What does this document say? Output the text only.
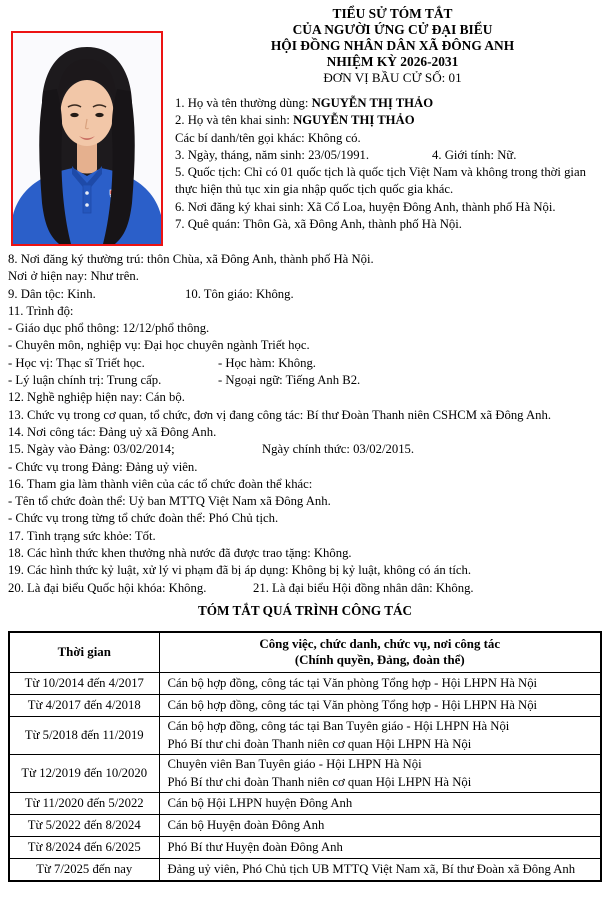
TIỂU SỬ TÓM TẮT
CỦA NGƯỜI ỨNG CỬ ĐẠI BIỂU
HỘI ĐỒNG NHÂN DÂN XÃ ĐÔNG ANH
NHIỆM KỲ 2026-2031
ĐƠN VỊ BẦU CỬ SỐ: 01
1. Họ và tên thường dùng: NGUYỄN THỊ THẢO
2. Họ và tên khai sinh: NGUYỄN THỊ THẢO
Các bí danh/tên gọi khác: Không có.
3. Ngày, tháng, năm sinh: 23/05/1991.	4. Giới tính: Nữ.
5. Quốc tịch: Chỉ có 01 quốc tịch là quốc tịch Việt Nam và không trong thời gian thực hiện thủ tục xin gia nhập quốc tịch quốc gia khác.
6. Nơi đăng ký khai sinh: Xã Cổ Loa, huyện Đông Anh, thành phố Hà Nội.
7. Quê quán: Thôn Gà, xã Đông Anh, thành phố Hà Nội.
8. Nơi đăng ký thường trú: thôn Chùa, xã Đông Anh, thành phố Hà Nội.
Nơi ở hiện nay: Như trên.
9. Dân tộc: Kinh.	10. Tôn giáo: Không.
11. Trình độ:
- Giáo dục phổ thông: 12/12/phổ thông.
- Chuyên môn, nghiệp vụ: Đại học chuyên ngành Triết học.
- Học vị: Thạc sĩ Triết học.	- Học hàm: Không.
- Lý luận chính trị: Trung cấp.	- Ngoại ngữ: Tiếng Anh B2.
12. Nghề nghiệp hiện nay: Cán bộ.
13. Chức vụ trong cơ quan, tổ chức, đơn vị đang công tác: Bí thư Đoàn Thanh niên CSHCM xã Đông Anh.
14. Nơi công tác: Đảng uỷ xã Đông Anh.
15. Ngày vào Đảng: 03/02/2014;	Ngày chính thức: 03/02/2015.
- Chức vụ trong Đảng: Đảng uỷ viên.
16. Tham gia làm thành viên của các tổ chức đoàn thể khác:
- Tên tổ chức đoàn thể: Uỷ ban MTTQ Việt Nam xã Đông Anh.
- Chức vụ trong từng tổ chức đoàn thể: Phó Chủ tịch.
17. Tình trạng sức khỏe: Tốt.
18. Các hình thức khen thưởng nhà nước đã được trao tặng: Không.
19. Các hình thức kỷ luật, xử lý vi phạm đã bị áp dụng: Không bị kỷ luật, không có án tích.
20. Là đại biểu Quốc hội khóa: Không.	21. Là đại biểu Hội đồng nhân dân: Không.
TÓM TẮT QUÁ TRÌNH CÔNG TÁC
Thời gian	Công việc, chức danh, chức vụ, nơi công tác
(Chính quyền, Đảng, đoàn thể)

Từ 10/2014 đến 4/2017	Cán bộ hợp đồng, công tác tại Văn phòng Tổng hợp - Hội LHPN Hà Nội

Từ 4/2017 đến 4/2018	Cán bộ hợp đồng, công tác tại Văn phòng Tổng hợp - Hội LHPN Hà Nội

Từ 5/2018 đến 11/2019	Cán bộ hợp đồng, công tác tại Ban Tuyên giáo - Hội LHPN Hà Nội
Phó Bí thư chi đoàn Thanh niên cơ quan Hội LHPN Hà Nội

Từ 12/2019 đến 10/2020	Chuyên viên Ban Tuyên giáo - Hội LHPN Hà Nội
Phó Bí thư chi đoàn Thanh niên cơ quan Hội LHPN Hà Nội

Từ 11/2020 đến 5/2022	Cán bộ Hội LHPN huyện Đông Anh

Từ 5/2022 đến 8/2024	Cán bộ Huyện đoàn Đông Anh

Từ 8/2024 đến 6/2025	Phó Bí thư Huyện đoàn Đông Anh

Từ 7/2025 đến nay	Đảng uỷ viên, Phó Chủ tịch UB MTTQ Việt Nam xã, Bí thư Đoàn xã Đông Anh
